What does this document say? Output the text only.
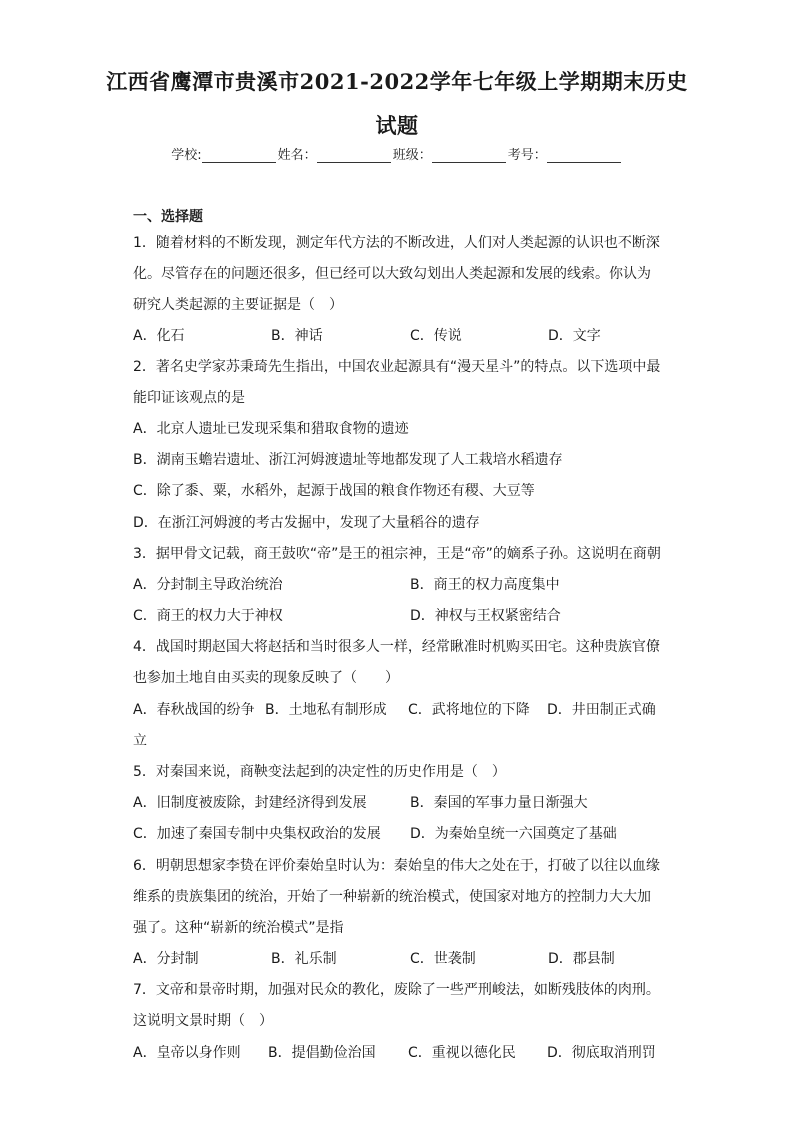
江西省鹰潭市贵溪市2021-2022学年七年级上学期期末历史
试题
学校:	姓名：	班级：	考号：
一、选择题
1．随着材料的不断发现，测定年代方法的不断改进，人们对人类起源的认识也不断深
化。尽管存在的问题还很多，但已经可以大致勾划出人类起源和发展的线索。你认为
研究人类起源的主要证据是（　）
A．化石	B．神话	C．传说	D．文字
2．著名史学家苏秉琦先生指出，中国农业起源具有“漫天星斗”的特点。以下选项中最
能印证该观点的是
A．北京人遗址已发现采集和猎取食物的遗迹
B．湖南玉蟾岩遗址、浙江河姆渡遗址等地都发现了人工栽培水稻遗存
C．除了黍、粟，水稻外，起源于战国的粮食作物还有稷、大豆等
D．在浙江河姆渡的考古发掘中，发现了大量稻谷的遗存
3．据甲骨文记载，商王鼓吹“帝”是王的祖宗神，王是“帝”的嫡系子孙。这说明在商朝
A．分封制主导政治统治	B．商王的权力高度集中
C．商王的权力大于神权	D．神权与王权紧密结合
4．战国时期赵国大将赵括和当时很多人一样，经常瞅准时机购买田宅。这种贵族官僚
也参加土地自由买卖的现象反映了（　　）
A．春秋战国的纷争 B．土地私有制形成 C．武将地位的下降 D．井田制正式确
立
5．对秦国来说，商鞅变法起到的决定性的历史作用是（　）
A．旧制度被废除，封建经济得到发展	B．秦国的军事力量日渐强大
C．加速了秦国专制中央集权政治的发展 D．为秦始皇统一六国奠定了基础
6．明朝思想家李贽在评价秦始皇时认为：秦始皇的伟大之处在于，打破了以往以血缘
维系的贵族集团的统治，开始了一种崭新的统治模式，使国家对地方的控制力大大加
强了。这种“崭新的统治模式”是指
A．分封制	B．礼乐制	C．世袭制	D．郡县制
7．文帝和景帝时期，加强对民众的教化，废除了一些严刑峻法，如断残肢体的肉刑。
这说明文景时期（　）
A．皇帝以身作则 B．提倡勤俭治国 C．重视以德化民 D．彻底取消刑罚
